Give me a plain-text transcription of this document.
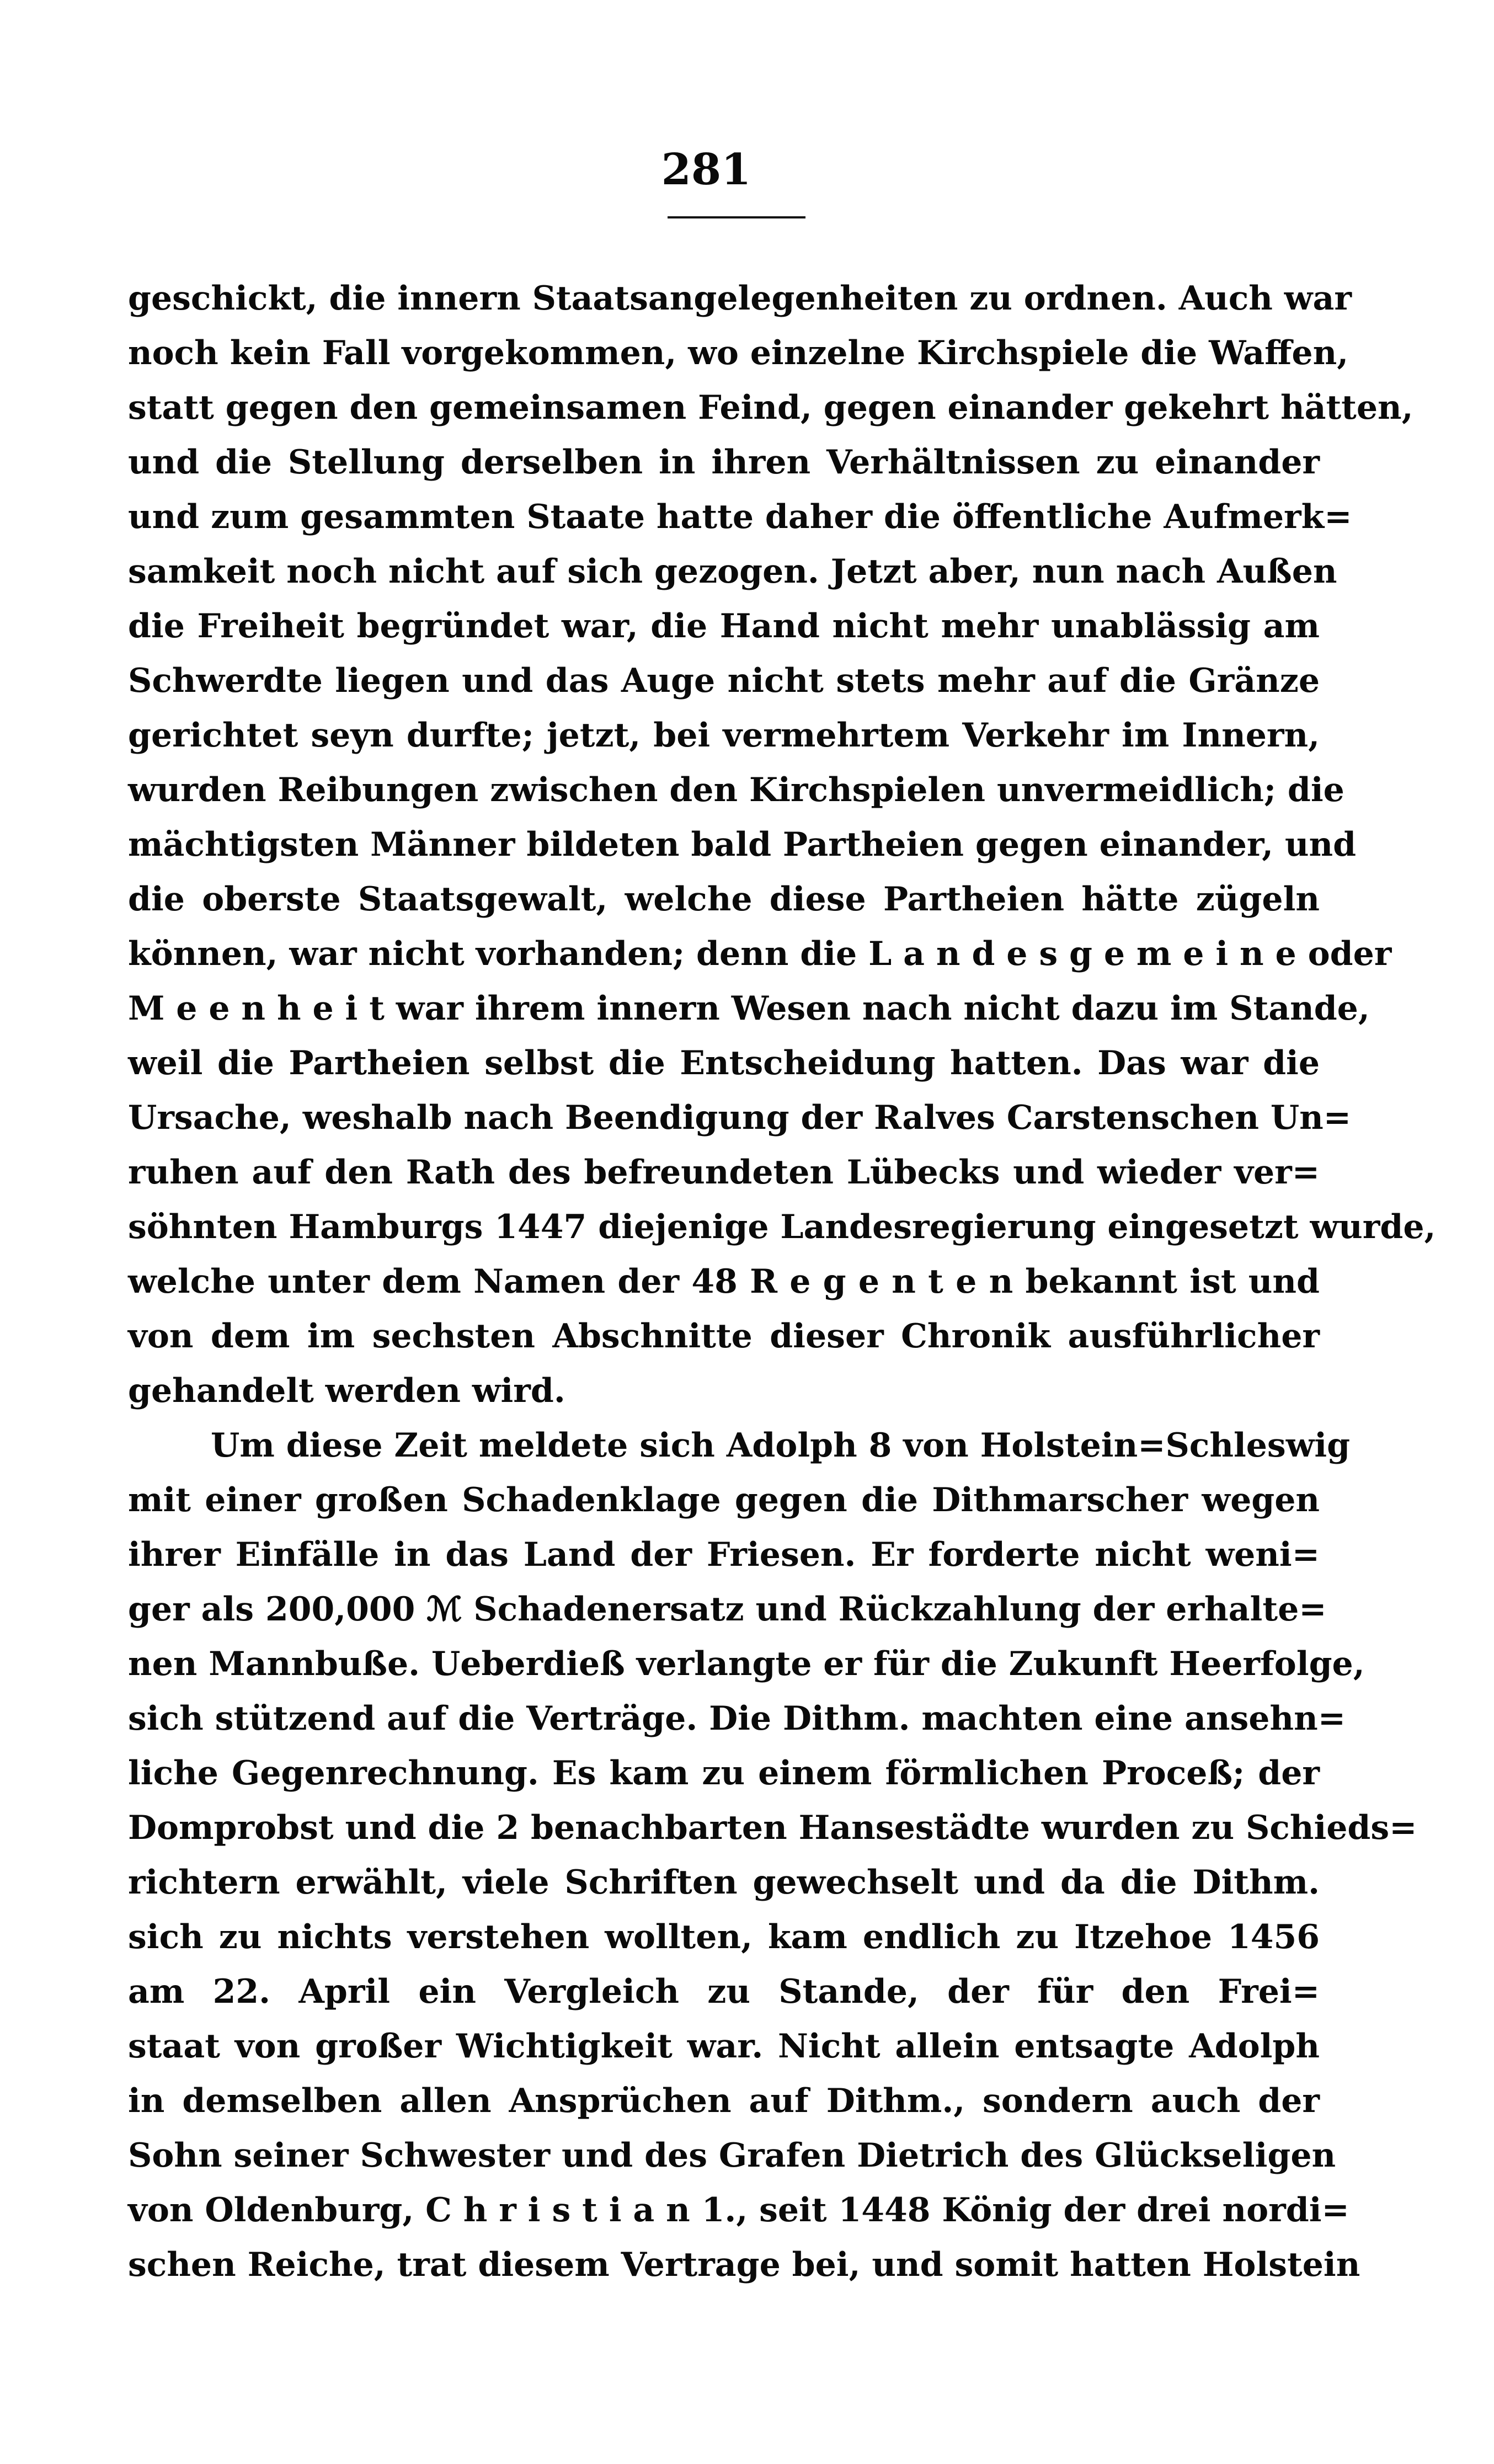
281
geschickt, die innern Staatsangelegenheiten zu ordnen. Auch war
noch kein Fall vorgekommen, wo einzelne Kirchspiele die Waffen,
statt gegen den gemeinsamen Feind, gegen einander gekehrt hätten,
und die Stellung derselben in ihren Verhältnissen zu einander
und zum gesammten Staate hatte daher die öffentliche Aufmerk=
samkeit noch nicht auf sich gezogen. Jetzt aber, nun nach Außen
die Freiheit begründet war, die Hand nicht mehr unablässig am
Schwerdte liegen und das Auge nicht stets mehr auf die Gränze
gerichtet seyn durfte; jetzt, bei vermehrtem Verkehr im Innern,
wurden Reibungen zwischen den Kirchspielen unvermeidlich; die
mächtigsten Männer bildeten bald Partheien gegen einander, und
die oberste Staatsgewalt, welche diese Partheien hätte zügeln
können, war nicht vorhanden; denn die L a n d e s g e m e i n e oder
M e e n h e i t war ihrem innern Wesen nach nicht dazu im Stande,
weil die Partheien selbst die Entscheidung hatten. Das war die
Ursache, weshalb nach Beendigung der Ralves Carstenschen Un=
ruhen auf den Rath des befreundeten Lübecks und wieder ver=
söhnten Hamburgs 1447 diejenige Landesregierung eingesetzt wurde,
welche unter dem Namen der 48 R e g e n t e n bekannt ist und
von dem im sechsten Abschnitte dieser Chronik ausführlicher
gehandelt werden wird.
Um diese Zeit meldete sich Adolph 8 von Holstein=Schleswig
mit einer großen Schadenklage gegen die Dithmarscher wegen
ihrer Einfälle in das Land der Friesen. Er forderte nicht weni=
ger als 200,000 ℳ Schadenersatz und Rückzahlung der erhalte=
nen Mannbuße. Ueberdieß verlangte er für die Zukunft Heerfolge,
sich stützend auf die Verträge. Die Dithm. machten eine ansehn=
liche Gegenrechnung. Es kam zu einem förmlichen Proceß; der
Domprobst und die 2 benachbarten Hansestädte wurden zu Schieds=
richtern erwählt, viele Schriften gewechselt und da die Dithm.
sich zu nichts verstehen wollten, kam endlich zu Itzehoe 1456
am 22. April ein Vergleich zu Stande, der für den Frei=
staat von großer Wichtigkeit war. Nicht allein entsagte Adolph
in demselben allen Ansprüchen auf Dithm., sondern auch der
Sohn seiner Schwester und des Grafen Dietrich des Glückseligen
von Oldenburg, C h r i s t i a n 1., seit 1448 König der drei nordi=
schen Reiche, trat diesem Vertrage bei, und somit hatten Holstein
